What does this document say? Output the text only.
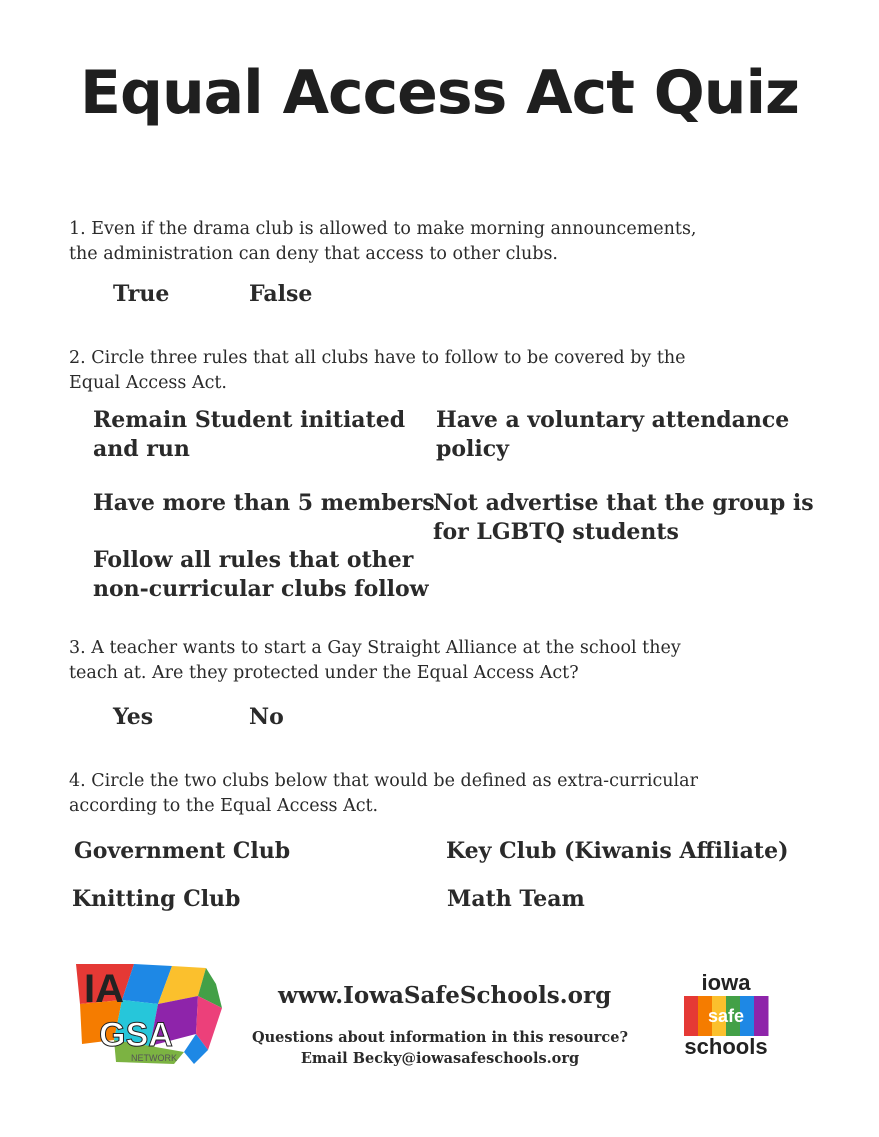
Equal Access Act Quiz
1. Even if the drama club is allowed to make morning announcements,
the administration can deny that access to other clubs.
True	False
2. Circle three rules that all clubs have to follow to be covered by the
Equal Access Act.
Remain Student initiated
and run
Have a voluntary attendance
policy
Have more than 5 members
Not advertise that the group is
for LGBTQ students
Follow all rules that other
non-curricular clubs follow
3. A teacher wants to start a Gay Straight Alliance at the school they
teach at. Are they protected under the Equal Access Act?
Yes	No
4. Circle the two clubs below that would be defined as extra-curricular
according to the Equal Access Act.
Government Club	Key Club (Kiwanis Affiliate)
Knitting Club	Math Team
IA
GSA
NETWORK
www.IowaSafeSchools.org
Questions about information in this resource?
Email Becky@iowasafeschools.org
iowa
safe
schools
